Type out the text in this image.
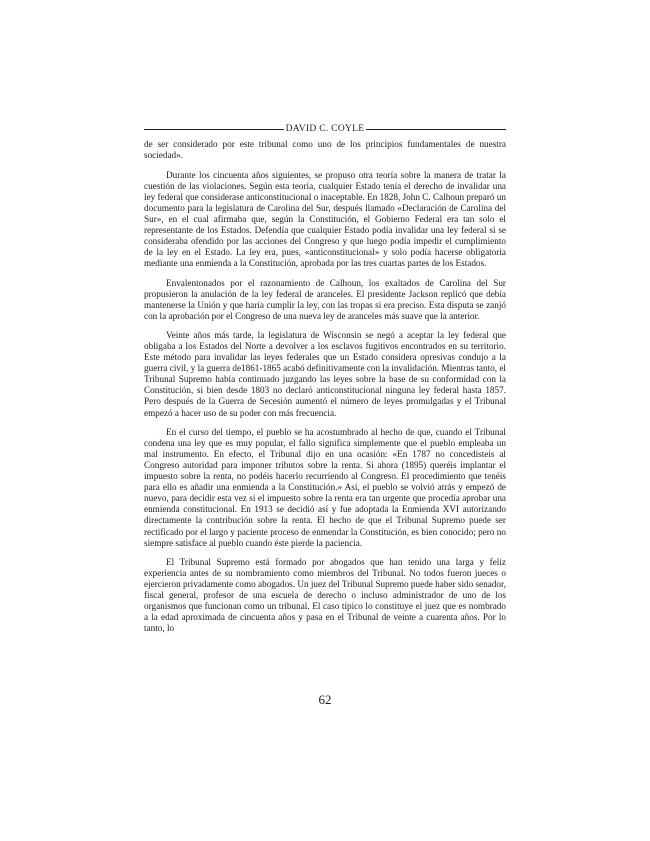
DAVID C. COYLE

de ser considerado por este tribunal como uno de los principios fundamentales de nuestra sociedad».

Durante los cincuenta años siguientes, se propuso otra teoría sobre la manera de tratar la cuestión de las violaciones. Según esta teoría, cualquier Estado tenía el derecho de invalidar una ley federal que considerase anticonstitucional o inaceptable. En 1828, John C. Calhoun preparó un documento para la legislatura de Carolina del Sur, después llamado «Declaración de Carolina del Sur», en el cual afirmaba que, según la Constitución, el Gobierno Federal era tan solo el representante de los Estados. Defendía que cualquier Estado podía invalidar una ley federal si se consideraba ofendido por las acciones del Congreso y que luego podía impedir el cumplimiento de la ley en el Estado. La ley era, pues, «anticonstitucional» y solo podía hacerse obligatoria mediante una enmienda a la Constitución, aprobada por las tres cuartas partes de los Estados.

Envalentonados por el razonamiento de Calhoun, los exaltados de Carolina del Sur propusieron la anulación de la ley federal de aranceles. El presidente Jackson replicó que debía mantenerse la Unión y que haría cumplir la ley, con las tropas si era preciso. Esta disputa se zanjó con la aprobación por el Congreso de una nueva ley de aranceles más suave que la anterior.

Veinte años más tarde, la legislatura de Wisconsin se negó a aceptar la ley federal que obligaba a los Estados del Norte a devolver a los esclavos fugitivos encontrados en su territorio. Este método para invalidar las leyes federales que un Estado considera opresivas condujo a la guerra civil, y la guerra de1861-1865 acabó definitivamente con la invalidación. Mientras tanto, el Tribunal Supremo había continuado juzgando las leyes sobre la base de su conformidad con la Constitución, si bien desde 1803 no declaró anticonstitucional ninguna ley federal hasta 1857. Pero después de la Guerra de Secesión aumentó el número de leyes promulgadas y el Tribunal empezó a hacer uso de su poder con más frecuencia.

En el curso del tiempo, el pueblo se ha acostumbrado al hecho de que, cuando el Tribunal condena una ley que es muy popular, el fallo significa simplemente que el pueblo empleaba un mal instrumento. En efecto, el Tribunal dijo en una ocasión: «En 1787 no concedisteis al Congreso autoridad para imponer tributos sobre la renta. Si ahora (1895) queréis implantar el impuesto sobre la renta, no podéis hacerlo recurriendo al Congreso. El procedimiento que tenéis para ello es añadir una enmienda a la Constitución.» Así, el pueblo se volvió atrás y empezó de nuevo, para decidir esta vez si el impuesto sobre la renta era tan urgente que procedía aprobar una enmienda constitucional. En 1913 se decidió así y fue adoptada la Enmienda XVI autorizando directamente la contribución sobre la renta. El hecho de que el Tribunal Supremo puede ser rectificado por el largo y paciente proceso de enmendar la Constitución, es bien conocido; pero no siempre satisface al pueblo cuando éste pierde la paciencia.

El Tribunal Supremo está formado por abogados que han tenido una larga y feliz experiencia antes de su nombramiento como miembros del Tribunal. No todos fueron jueces o ejercieron privadamente como abogados. Un juez del Tribunal Supremo puede haber sido senador, fiscal general, profesor de una escuela de derecho o incluso administrador de uno de los organismos que funcionan como un tribunal. El caso típico lo constituye el juez que es nombrado a la edad aproximada de cincuenta años y pasa en el Tribunal de veinte a cuarenta años. Por lo tanto, lo

62
